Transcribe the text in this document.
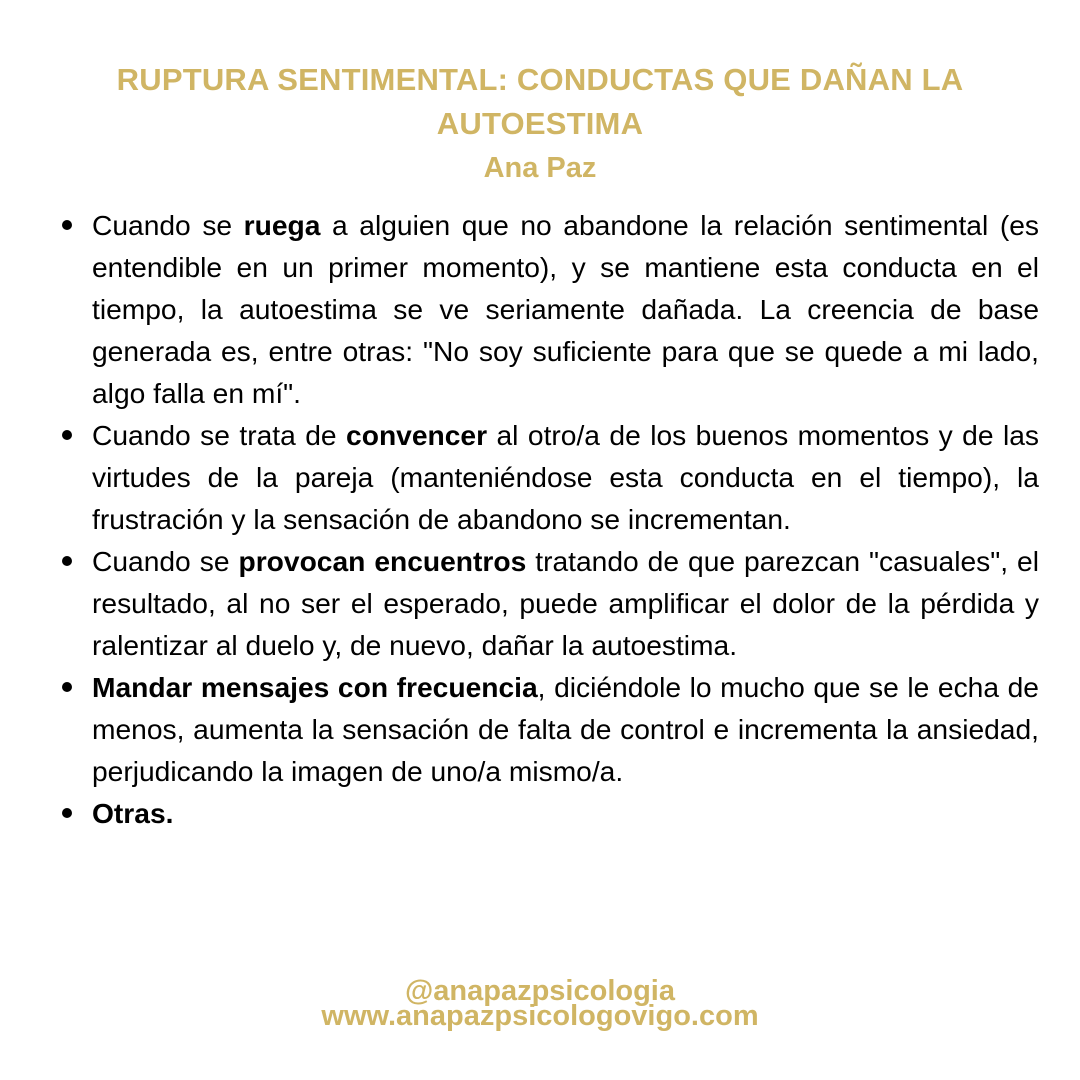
RUPTURA SENTIMENTAL: CONDUCTAS QUE DAÑAN LA AUTOESTIMA
Ana Paz
Cuando se ruega a alguien que no abandone la relación sentimental (es entendible en un primer momento), y se mantiene esta conducta en el tiempo, la autoestima se ve seriamente dañada. La creencia de base generada es, entre otras: "No soy suficiente para que se quede a mi lado, algo falla en mí".
Cuando se trata de convencer al otro/a de los buenos momentos y de las virtudes de la pareja (manteniéndose esta conducta en el tiempo), la frustración y la sensación de abandono se incrementan.
Cuando se provocan encuentros tratando de que parezcan "casuales", el resultado, al no ser el esperado, puede amplificar el dolor de la pérdida y ralentizar al duelo y, de nuevo, dañar la autoestima.
Mandar mensajes con frecuencia, diciéndole lo mucho que se le echa de menos, aumenta la sensación de falta de control e incrementa la ansiedad, perjudicando la imagen de uno/a mismo/a.
Otras.
@anapazpsicologia
www.anapazpsicologovigo.com
